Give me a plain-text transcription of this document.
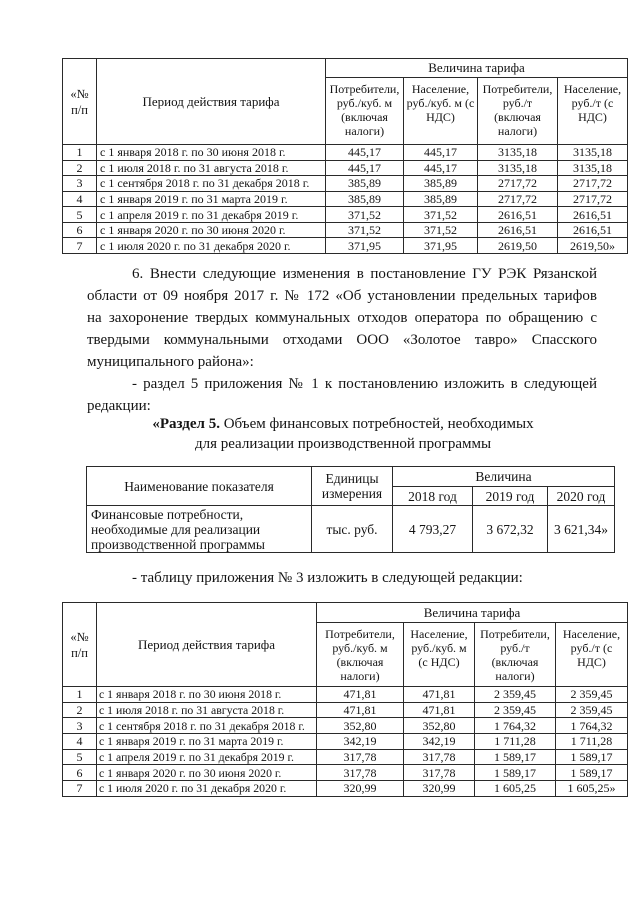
«№ п/п	Период действия тарифа	Величина тарифа			
		Потребители, руб./куб. м (включая налоги)	Население, руб./куб. м (с НДС)	Потребители, руб./т (включая налоги)	Население, руб./т (с НДС)
1	с 1 января 2018 г. по 30 июня 2018 г.	445,17	445,17	3135,18	3135,18
2	с 1 июля 2018 г. по 31 августа 2018 г.	445,17	445,17	3135,18	3135,18
3	с 1 сентября 2018 г. по 31 декабря 2018 г.	385,89	385,89	2717,72	2717,72
4	с 1 января 2019 г. по 31 марта 2019 г.	385,89	385,89	2717,72	2717,72
5	с 1 апреля 2019 г. по 31 декабря 2019 г.	371,52	371,52	2616,51	2616,51
6	с 1 января 2020 г. по 30 июня 2020 г.	371,52	371,52	2616,51	2616,51
7	с 1 июля 2020 г. по 31 декабря 2020 г.	371,95	371,95	2619,50	2619,50»
6. Внести следующие изменения в постановление ГУ РЭК Рязанской
области от 09 ноября 2017 г. № 172 «Об установлении предельных тарифов
на захоронение твердых коммунальных отходов оператора по обращению с
твердыми коммунальными отходами ООО «Золотое тавро» Спасского
муниципального района»:
- раздел 5 приложения № 1 к постановлению изложить в следующей
редакции:
«Раздел 5. Объем финансовых потребностей, необходимых
для реализации производственной программы
Наименование показателя	Единицы измерения	Величина		
		2018 год	2019 год	2020 год
Финансовые потребности, необходимые для реализации производственной программы	тыс. руб.	4 793,27	3 672,32	3 621,34»
- таблицу приложения № 3 изложить в следующей редакции:
«№ п/п	Период действия тарифа	Величина тарифа			
		Потребители, руб./куб. м (включая налоги)	Население, руб./куб. м (с НДС)	Потребители, руб./т (включая налоги)	Население, руб./т (с НДС)
1	с 1 января 2018 г. по 30 июня 2018 г.	471,81	471,81	2 359,45	2 359,45
2	с 1 июля 2018 г. по 31 августа 2018 г.	471,81	471,81	2 359,45	2 359,45
3	с 1 сентября 2018 г. по 31 декабря 2018 г.	352,80	352,80	1 764,32	1 764,32
4	с 1 января 2019 г. по 31 марта 2019 г.	342,19	342,19	1 711,28	1 711,28
5	с 1 апреля 2019 г. по 31 декабря 2019 г.	317,78	317,78	1 589,17	1 589,17
6	с 1 января 2020 г. по 30 июня 2020 г.	317,78	317,78	1 589,17	1 589,17
7	с 1 июля 2020 г. по 31 декабря 2020 г.	320,99	320,99	1 605,25	1 605,25»
